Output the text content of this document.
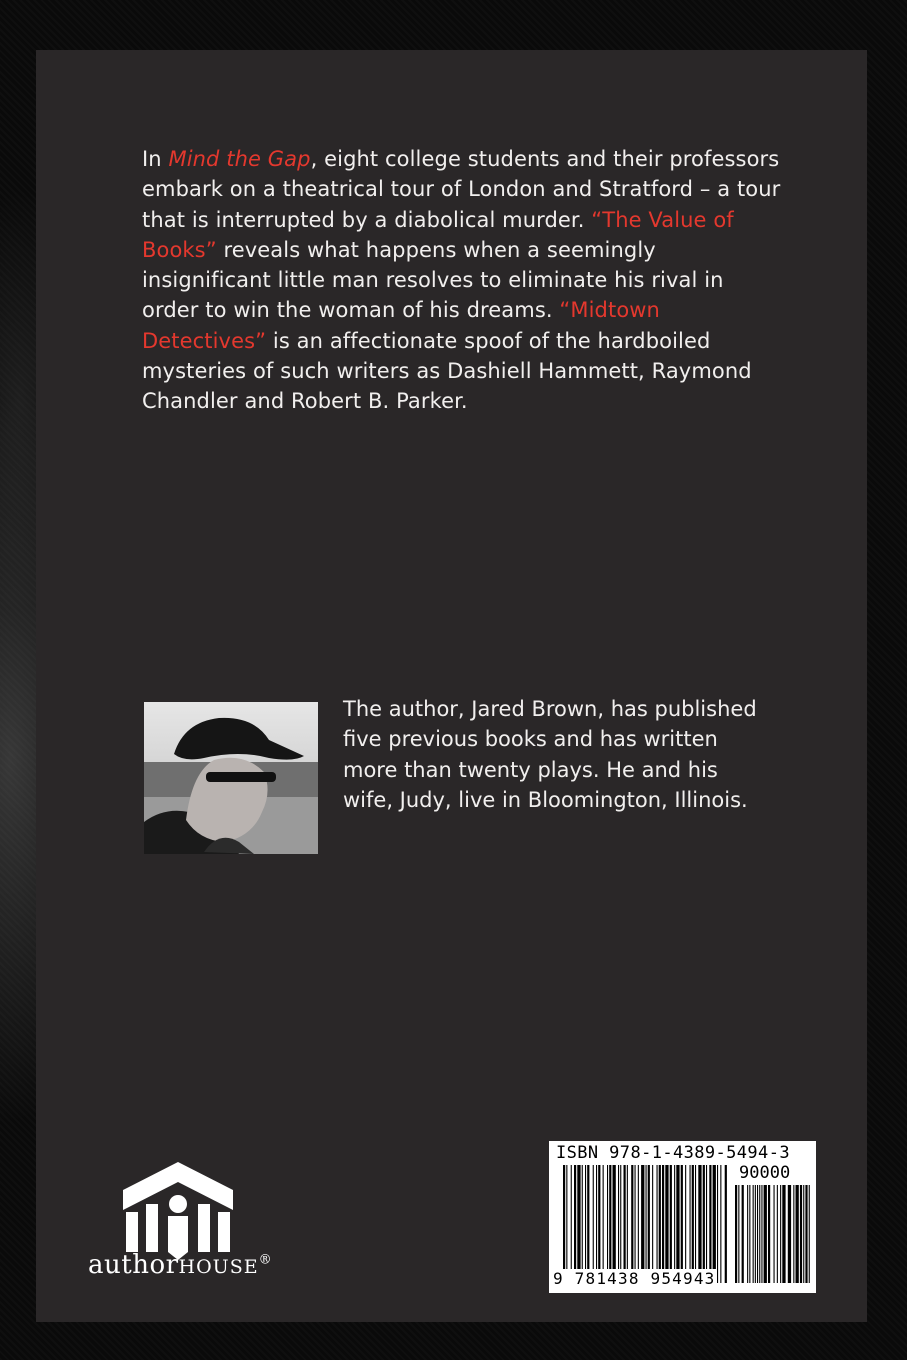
In Mind the Gap, eight college students and their professors embark on a theatrical tour of London and Stratford – a tour that is interrupted by a diabolical murder. “The Value of Books” reveals what happens when a seemingly insignificant little man resolves to eliminate his rival in order to win the woman of his dreams. “Midtown Detectives” is an affectionate spoof of the hardboiled mysteries of such writers as Dashiell Hammett, Raymond Chandler and Robert B. Parker.
The author, Jared Brown, has published five previous books and has written more than twenty plays. He and his wife, Judy, live in Bloomington, Illinois.
authorHOUSE®
ISBN 978-1-4389-5494-3
90000
9 781438 954943
